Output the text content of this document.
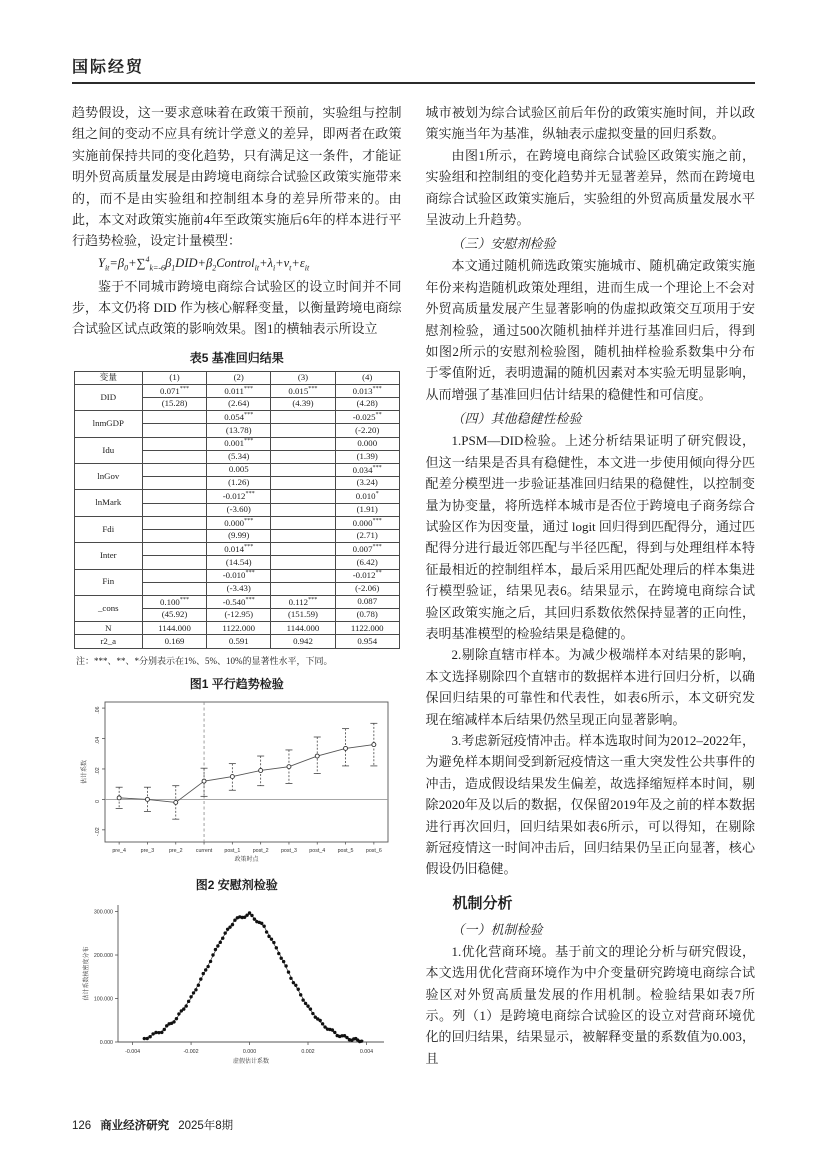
国际经贸

趋势假设，这一要求意味着在政策干预前，实验组与控制组之间的变动不应具有统计学意义的差异，即两者在政策实施前保持共同的变化趋势，只有满足这一条件，才能证明外贸高质量发展是由跨境电商综合试验区政策实施带来的，而不是由实验组和控制组本身的差异所带来的。由此，本文对政策实施前4年至政策实施后6年的样本进行平行趋势检验，设定计量模型：

$Y_{it}=\beta_0+\sum^4_{k=-6}\beta_1DID+\beta_2Control_{it}+\lambda_i+\nu_t+\varepsilon_{it}$

鉴于不同城市跨境电商综合试验区的设立时间并不同步，本文仍将 DID 作为核心解释变量，以衡量跨境电商综合试验区试点政策的影响效果。图1的横轴表示所设立

表5 基准回归结果
变量	(1)	(2)	(3)	(4)
DID	0.071***	0.011***	0.015***	0.013***
	(15.28)	(2.64)	(4.39)	(4.28)
lnmGDP		0.054***		-0.025**
		(13.78)		(-2.20)
Idu		0.001***		0.000
		(5.34)		(1.39)
lnGov		0.005		0.034***
		(1.26)		(3.24)
lnMark		-0.012***		0.010*
		(-3.60)		(1.91)
Fdi		0.000***		0.000***
		(9.99)		(2.71)
Inter		0.014***		0.007***
		(14.54)		(6.42)
Fin		-0.010***		-0.012**
		(-3.43)		(-2.06)
_cons	0.100***	-0.540***	0.112***	0.087
	(45.92)	(-12.95)	(151.59)	(0.78)
N	1144.000	1122.000	1144.000	1122.000
r2_a	0.169	0.591	0.942	0.954
注：***、**、*分别表示在1%、5%、10%的显著性水平，下同。
图1 平行趋势检验
-.02
0
.02
.04
.06
pre_4	pre_3	pre_2	current post_1 post_2 post_3 post_4 post_5 post_6
政策时点
估计系数
图2 安慰剂检验
0.000
100.000
200.000
300.000
-0.004	-0.002	0.000	0.002	0.004
虚假估计系数
估计系数核密度分布

城市被划为综合试验区前后年份的政策实施时间，并以政策实施当年为基准，纵轴表示虚拟变量的回归系数。

由图1所示，在跨境电商综合试验区政策实施之前，实验组和控制组的变化趋势并无显著差异，然而在跨境电商综合试验区政策实施后，实验组的外贸高质量发展水平呈波动上升趋势。

（三）安慰剂检验

本文通过随机筛选政策实施城市、随机确定政策实施年份来构造随机政策处理组，进而生成一个理论上不会对外贸高质量发展产生显著影响的伪虚拟政策交互项用于安慰剂检验，通过500次随机抽样并进行基准回归后，得到如图2所示的安慰剂检验图，随机抽样检验系数集中分布于零值附近，表明遗漏的随机因素对本实验无明显影响，从而增强了基准回归估计结果的稳健性和可信度。

（四）其他稳健性检验

1.PSM—DID检验。上述分析结果证明了研究假设，但这一结果是否具有稳健性，本文进一步使用倾向得分匹配差分模型进一步验证基准回归结果的稳健性，以控制变量为协变量，将所选样本城市是否位于跨境电子商务综合试验区作为因变量，通过 logit 回归得到匹配得分，通过匹配得分进行最近邻匹配与半径匹配，得到与处理组样本特征最相近的控制组样本，最后采用匹配处理后的样本集进行模型验证，结果见表6。结果显示，在跨境电商综合试验区政策实施之后，其回归系数依然保持显著的正向性，表明基准模型的检验结果是稳健的。

2.剔除直辖市样本。为减少极端样本对结果的影响，本文选择剔除四个直辖市的数据样本进行回归分析，以确保回归结果的可靠性和代表性，如表6所示，本文研究发现在缩减样本后结果仍然呈现正向显著影响。

3.考虑新冠疫情冲击。样本选取时间为2012–2022年，为避免样本期间受到新冠疫情这一重大突发性公共事件的冲击，造成假设结果发生偏差，故选择缩短样本时间，剔除2020年及以后的数据，仅保留2019年及之前的样本数据进行再次回归，回归结果如表6所示，可以得知，在剔除新冠疫情这一时间冲击后，回归结果仍呈正向显著，核心假设仍旧稳健。

机制分析
（一）机制检验

1.优化营商环境。基于前文的理论分析与研究假设，本文选用优化营商环境作为中介变量研究跨境电商综合试验区对外贸高质量发展的作用机制。检验结果如表7所示。列（1）是跨境电商综合试验区的设立对营商环境优化的回归结果，结果显示，被解释变量的系数值为0.003，且

126 商业经济研究 2025年8期
